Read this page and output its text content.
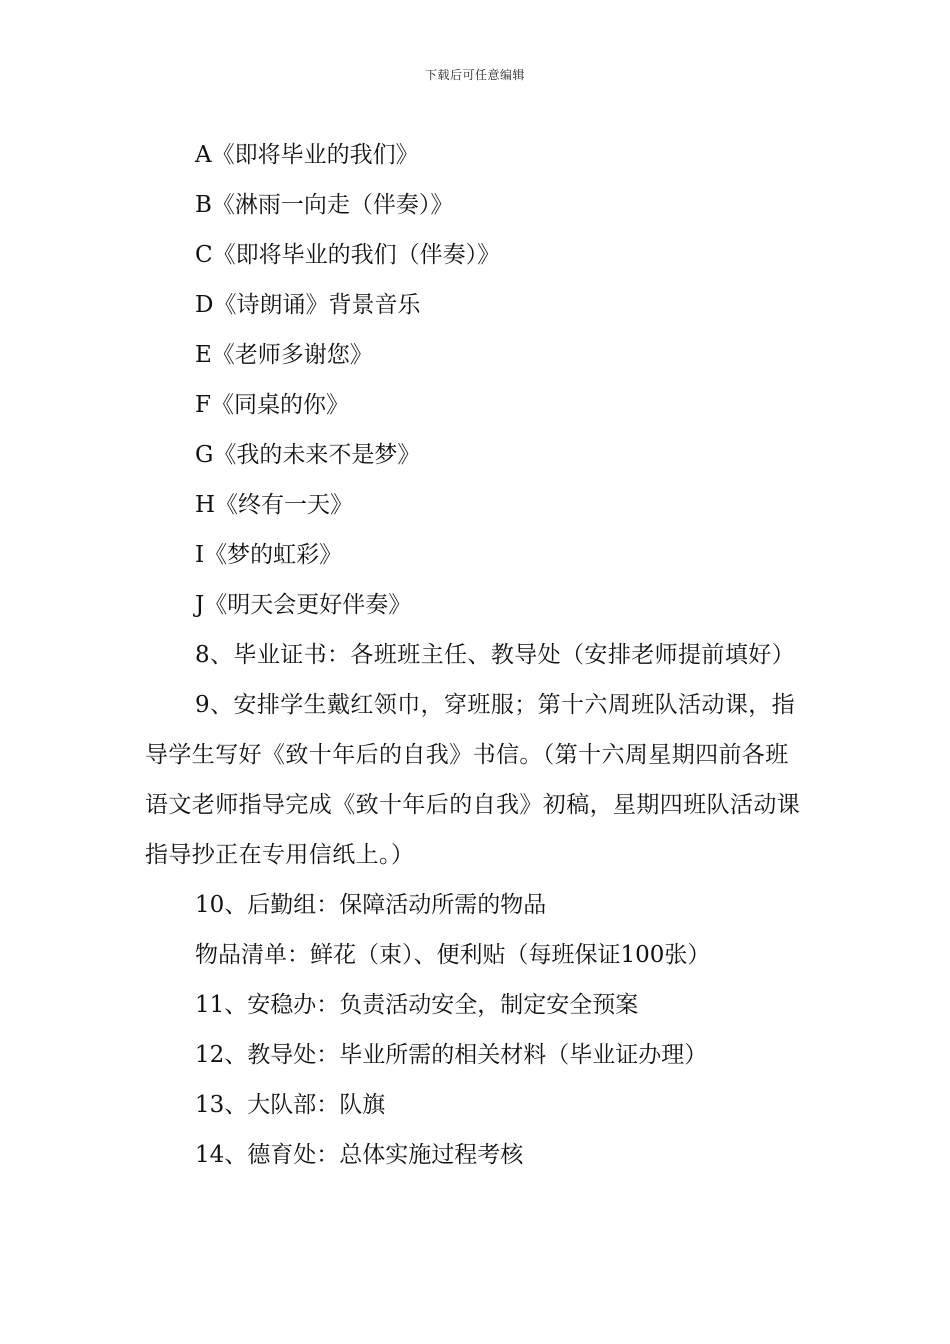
下载后可任意编辑
A《即将毕业的我们》
B《淋雨一向走（伴奏）》
C《即将毕业的我们（伴奏）》
D《诗朗诵》背景音乐
E《老师多谢您》
F《同桌的你》
G《我的未来不是梦》
H《终有一天》
I《梦的虹彩》
J《明天会更好伴奏》

8、毕业证书：各班班主任、教导处（安排老师提前填好）

9、安排学生戴红领巾，穿班服；第十六周班队活动课，指导学生写好《致十年后的自我》书信。（第十六周星期四前各班语文老师指导完成《致十年后的自我》初稿，星期四班队活动课指导抄正在专用信纸上。）

10、后勤组：保障活动所需的物品
物品清单：鲜花（束）、便利贴（每班保证100张）
11、安稳办：负责活动安全，制定安全预案
12、教导处：毕业所需的相关材料（毕业证办理）
13、大队部：队旗
14、德育处：总体实施过程考核
